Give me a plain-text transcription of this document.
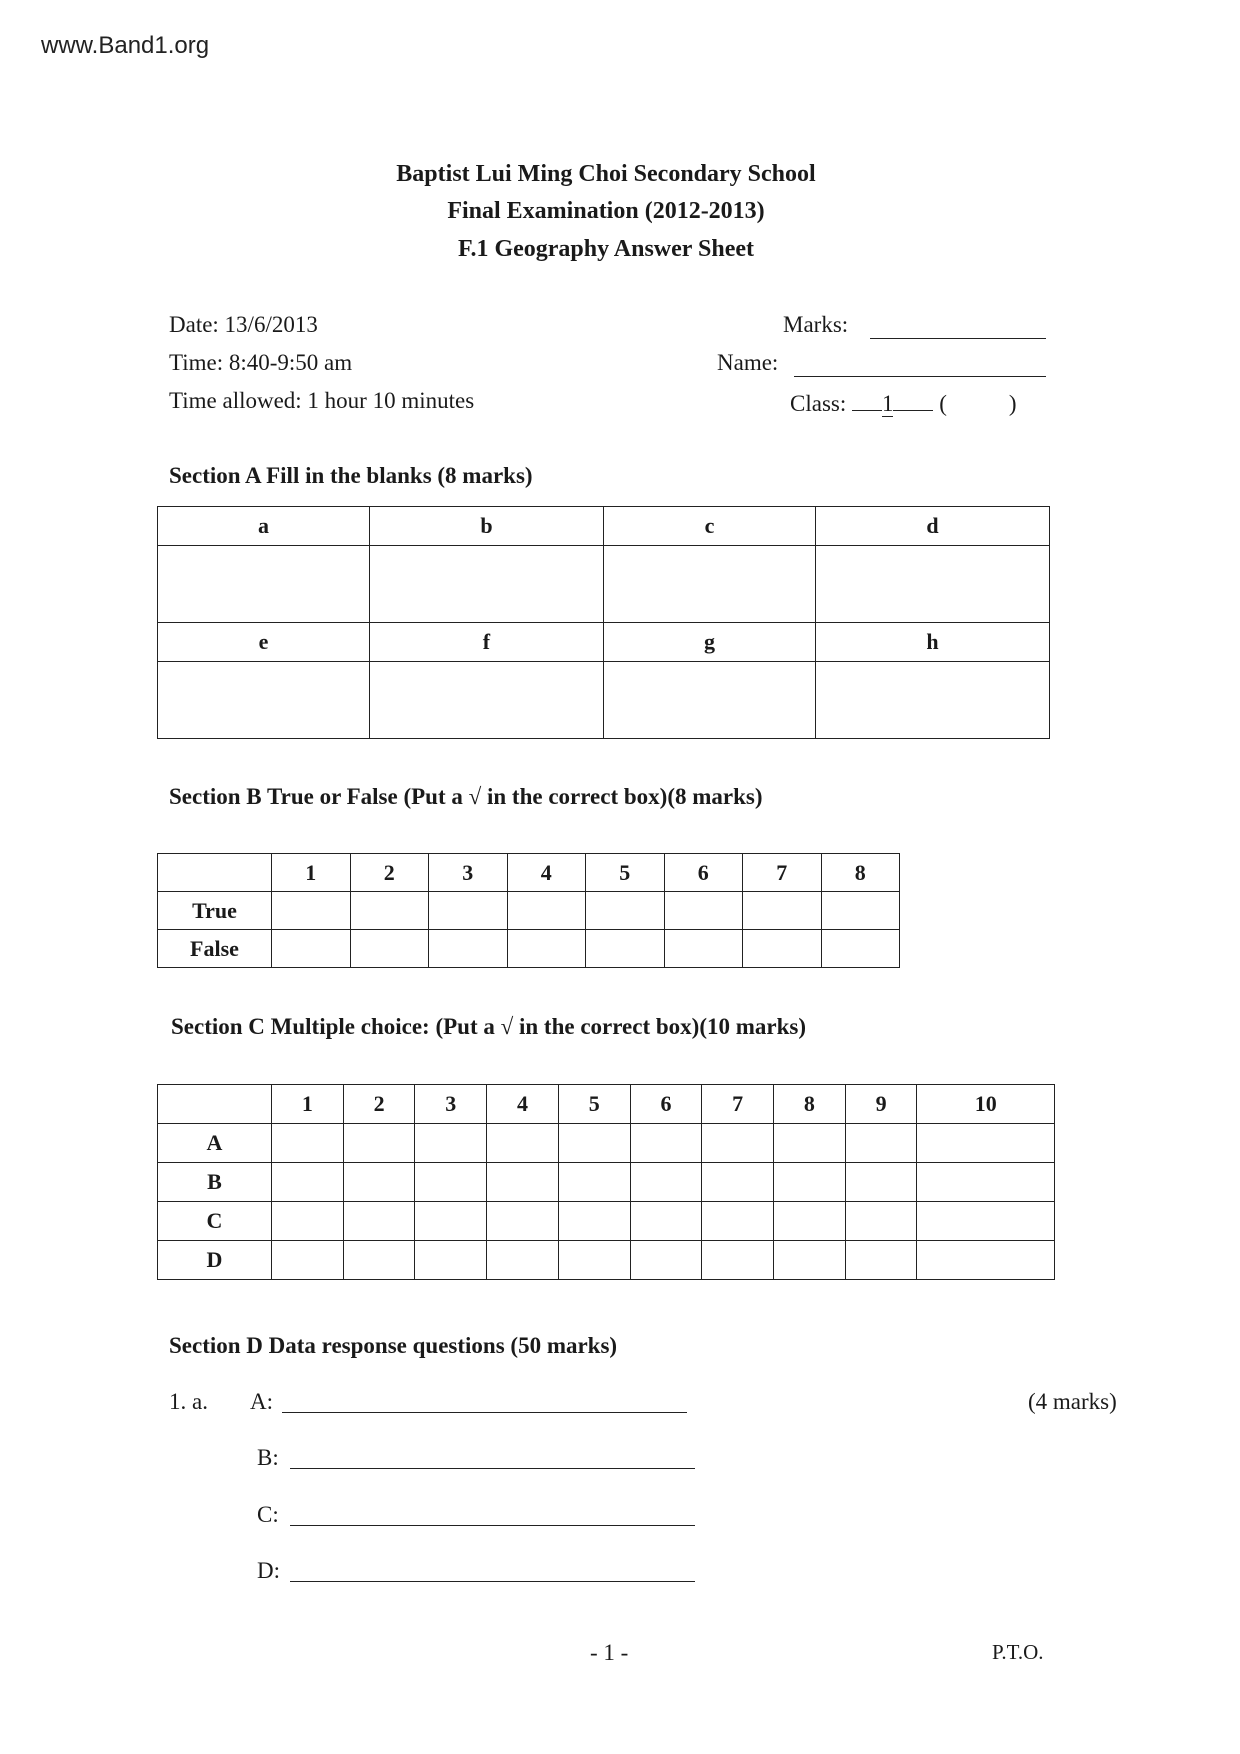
www.Band1.org
Baptist Lui Ming Choi Secondary School
Final Examination (2012-2013)
F.1 Geography Answer Sheet
Date: 13/6/2013
Time: 8:40-9:50 am
Time allowed: 1 hour 10 minutes
Marks:
Name:
Class: 1 (	)
Section A Fill in the blanks (8 marks)
a	b	c	d

e	f	g	h

Section B True or False (Put a √ in the correct box)(8 marks)
	1	2	3	4	5	6	7	8
True								
False								
Section C Multiple choice: (Put a √ in the correct box)(10 marks)
	1	2	3	4	5	6	7	8	9	10
A										
B										
C										
D										
Section D Data response questions (50 marks)
1. a.	(4 marks)
A:
B:
C:
D:
- 1 -	P.T.O.
